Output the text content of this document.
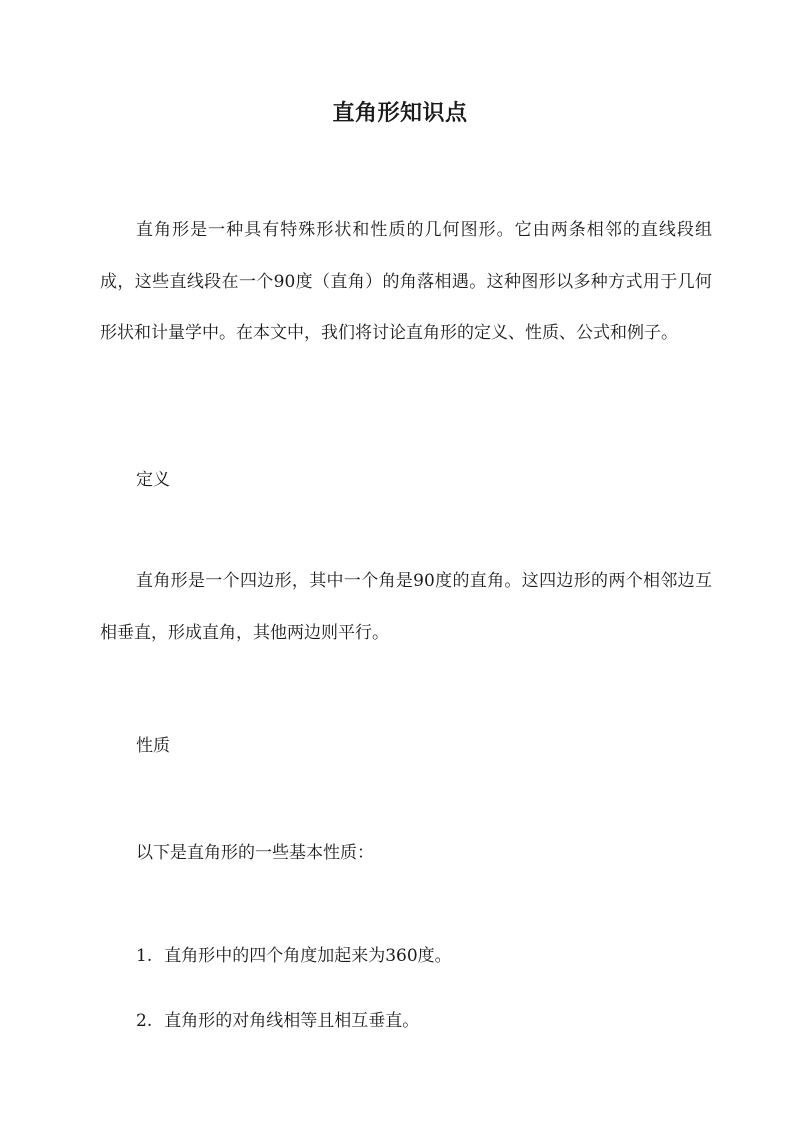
直角形知识点

直角形是一种具有特殊形状和性质的几何图形。它由两条相邻的直线段组成，这些直线段在一个90度（直角）的角落相遇。这种图形以多种方式用于几何形状和计量学中。在本文中，我们将讨论直角形的定义、性质、公式和例子。

定义

直角形是一个四边形，其中一个角是90度的直角。这四边形的两个相邻边互相垂直，形成直角，其他两边则平行。

性质
以下是直角形的一些基本性质：
1. 直角形中的四个角度加起来为360度。
2. 直角形的对角线相等且相互垂直。
